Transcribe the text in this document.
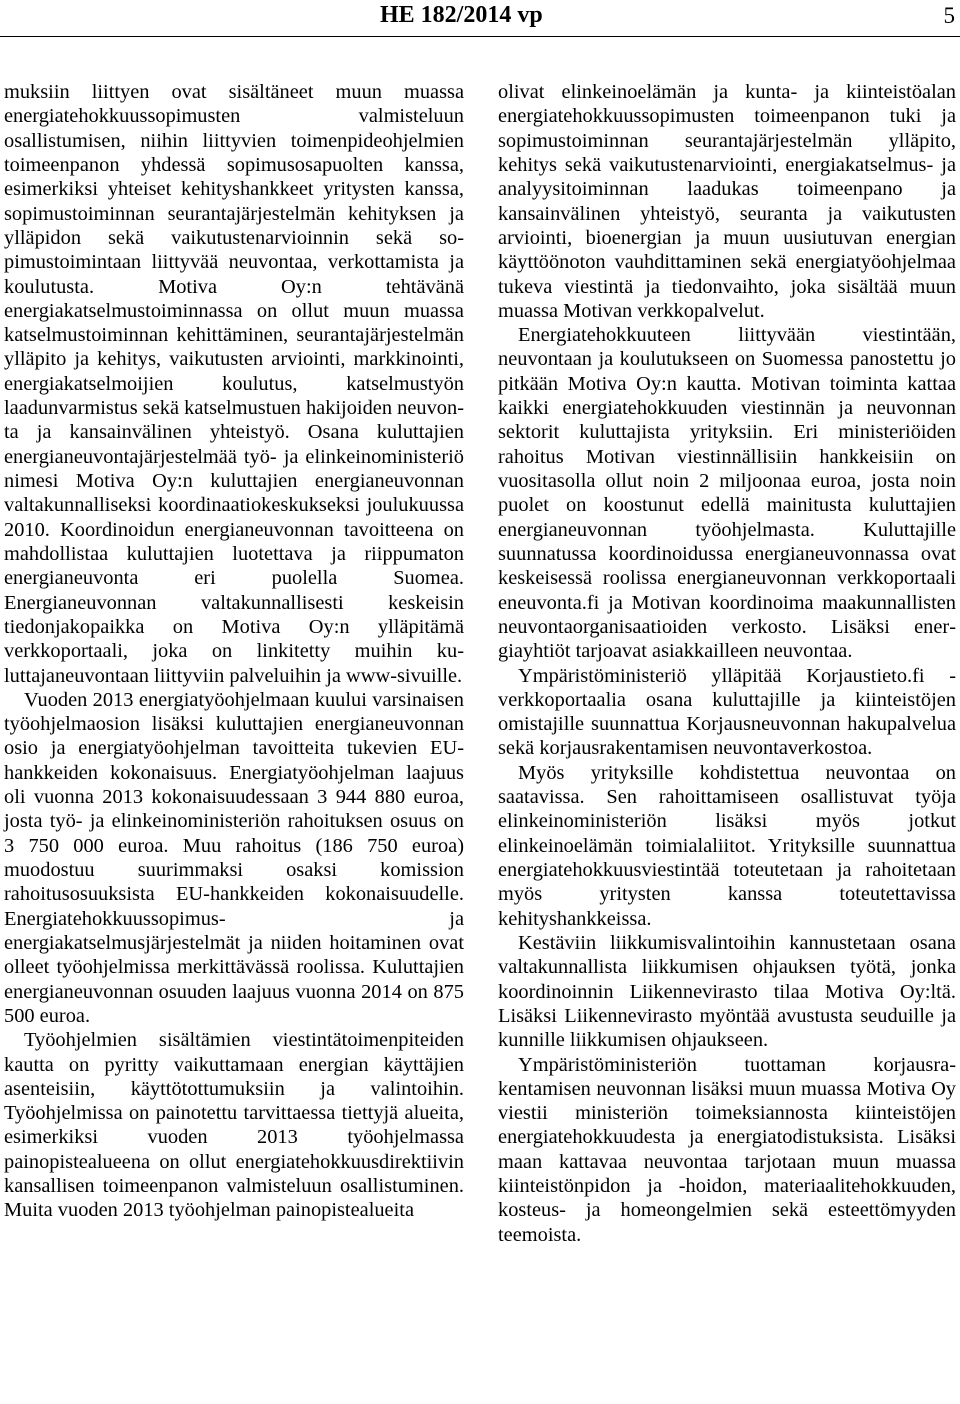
HE 182/2014 vp	5

muksiin liittyen ovat sisältäneet muun muassa energiatehokkuussopimusten valmisteluun osallistumisen, niihin liittyvien toimenpideohjelmien toimeenpanon yhdessä sopimusosapuolten kanssa, esimerkiksi yhteiset kehityshankkeet yritysten kanssa, sopimustoiminnan seurantajärjestelmän kehityksen ja ylläpidon sekä vaikutustenarvioinnin sekä sopimustoimintaan liittyvää neuvontaa, verkottamista ja koulutusta. Motiva Oy:n tehtävänä energiakatselmustoiminnassa on ollut muun muassa katselmustoiminnan kehittäminen, seurantajärjestelmän ylläpito ja kehitys, vaikutusten arviointi, markkinointi, energiakatselmoijien koulutus, katselmustyön laadunvarmistus sekä katselmustuen hakijoiden neuvonta ja kansainvälinen yhteistyö. Osana kuluttajien energianeuvontajärjestelmää työ- ja elinkeinoministeriö nimesi Motiva Oy:n kuluttajien energianeuvonnan valtakunnalliseksi koordinaatiokeskukseksi joulukuussa 2010. Koordinoidun energianeuvonnan tavoitteena on mahdollistaa kuluttajien luotettava ja riippumaton energianeuvonta eri puolella Suomea. Energianeuvonnan valtakunnallisesti keskeisin tiedonjakopaikka on Motiva Oy:n ylläpitämä verkkoportaali, joka on linkitetty muihin kuluttajaneuvontaan liittyviin palveluihin ja www-sivuille.

Vuoden 2013 energiatyöohjelmaan kuului varsinaisen työohjelmaosion lisäksi kuluttajien energianeuvonnan osio ja energiatyöohjelman tavoitteita tukevien EU-hankkeiden kokonaisuus. Energiatyöohjelman laajuus oli vuonna 2013 kokonaisuudessaan 3 944 880 euroa, josta työ- ja elinkeinoministeriön rahoituksen osuus on 3 750 000 euroa. Muu rahoitus (186 750 euroa) muodostuu suurimmaksi osaksi komission rahoitusosuuksista EU-hankkeiden kokonaisuudelle. Energiatehokkuussopimus- ja energiakatselmusjärjestelmät ja niiden hoitaminen ovat olleet työohjelmissa merkittävässä roolissa. Kuluttajien energianeuvonnan osuuden laajuus vuonna 2014 on 875 500 euroa.

Työohjelmien sisältämien viestintätoimenpiteiden kautta on pyritty vaikuttamaan energian käyttäjien asenteisiin, käyttötottumuksiin ja valintoihin. Työohjelmissa on painotettu tarvittaessa tiettyjä alueita, esimerkiksi vuoden 2013 työohjelmassa painopistealueena on ollut energiatehokkuusdirektiivin kansallisen toimeenpanon valmisteluun osallistuminen. Muita vuoden 2013 työohjelman painopistealueita

olivat elinkeinoelämän ja kunta- ja kiinteistöalan energiatehokkuussopimusten toimeenpanon tuki ja sopimustoiminnan seurantajärjestelmän ylläpito, kehitys sekä vaikutustenarviointi, energiakatselmus- ja analyysitoiminnan laadukas toimeenpano ja kansainvälinen yhteistyö, seuranta ja vaikutusten arviointi, bioenergian ja muun uusiutuvan energian käyttöönoton vauhdittaminen sekä energiatyöohjelmaa tukeva viestintä ja tiedonvaihto, joka sisältää muun muassa Motivan verkkopalvelut.

Energiatehokkuuteen liittyvään viestintään, neuvontaan ja koulutukseen on Suomessa panostettu jo pitkään Motiva Oy:n kautta. Motivan toiminta kattaa kaikki energiatehokkuuden viestinnän ja neuvonnan sektorit kuluttajista yrityksiin. Eri ministeriöiden rahoitus Motivan viestinnällisiin hankkeisiin on vuositasolla ollut noin 2 miljoonaa euroa, josta noin puolet on koostunut edellä mainitusta kuluttajien energianeuvonnan työohjelmasta. Kuluttajille suunnatussa koordinoidussa energianeuvonnassa ovat keskeisessä roolissa energianeuvonnan verkkoportaali eneuvonta.fi ja Motivan koordinoima maakunnallisten neuvontaorganisaatioiden verkosto. Lisäksi energiayhtiöt tarjoavat asiakkailleen neuvontaa.

Ympäristöministeriö ylläpitää Korjaustieto.fi -verkkoportaalia osana kuluttajille ja kiinteistöjen omistajille suunnattua Korjausneuvonnan hakupalvelua sekä korjausrakentamisen neuvontaverkostoa.

Myös yrityksille kohdistettua neuvontaa on saatavissa. Sen rahoittamiseen osallistuvat työja elinkeinoministeriön lisäksi myös jotkut elinkeinoelämän toimialaliitot. Yrityksille suunnattua energiatehokkuusviestintää toteutetaan ja rahoitetaan myös yritysten kanssa toteutettavissa kehityshankkeissa.

Kestäviin liikkumisvalintoihin kannustetaan osana valtakunnallista liikkumisen ohjauksen työtä, jonka koordinoinnin Liikennevirasto tilaa Motiva Oy:ltä. Lisäksi Liikennevirasto myöntää avustusta seuduille ja kunnille liikkumisen ohjaukseen.

Ympäristöministeriön tuottaman korjausrakentamisen neuvonnan lisäksi muun muassa Motiva Oy viestii ministeriön toimeksiannosta kiinteistöjen energiatehokkuudesta ja energiatodistuksista. Lisäksi maan kattavaa neuvontaa tarjotaan muun muassa kiinteistönpidon ja -hoidon, materiaalitehokkuuden, kosteus- ja homeongelmien sekä esteettömyyden teemoista.
